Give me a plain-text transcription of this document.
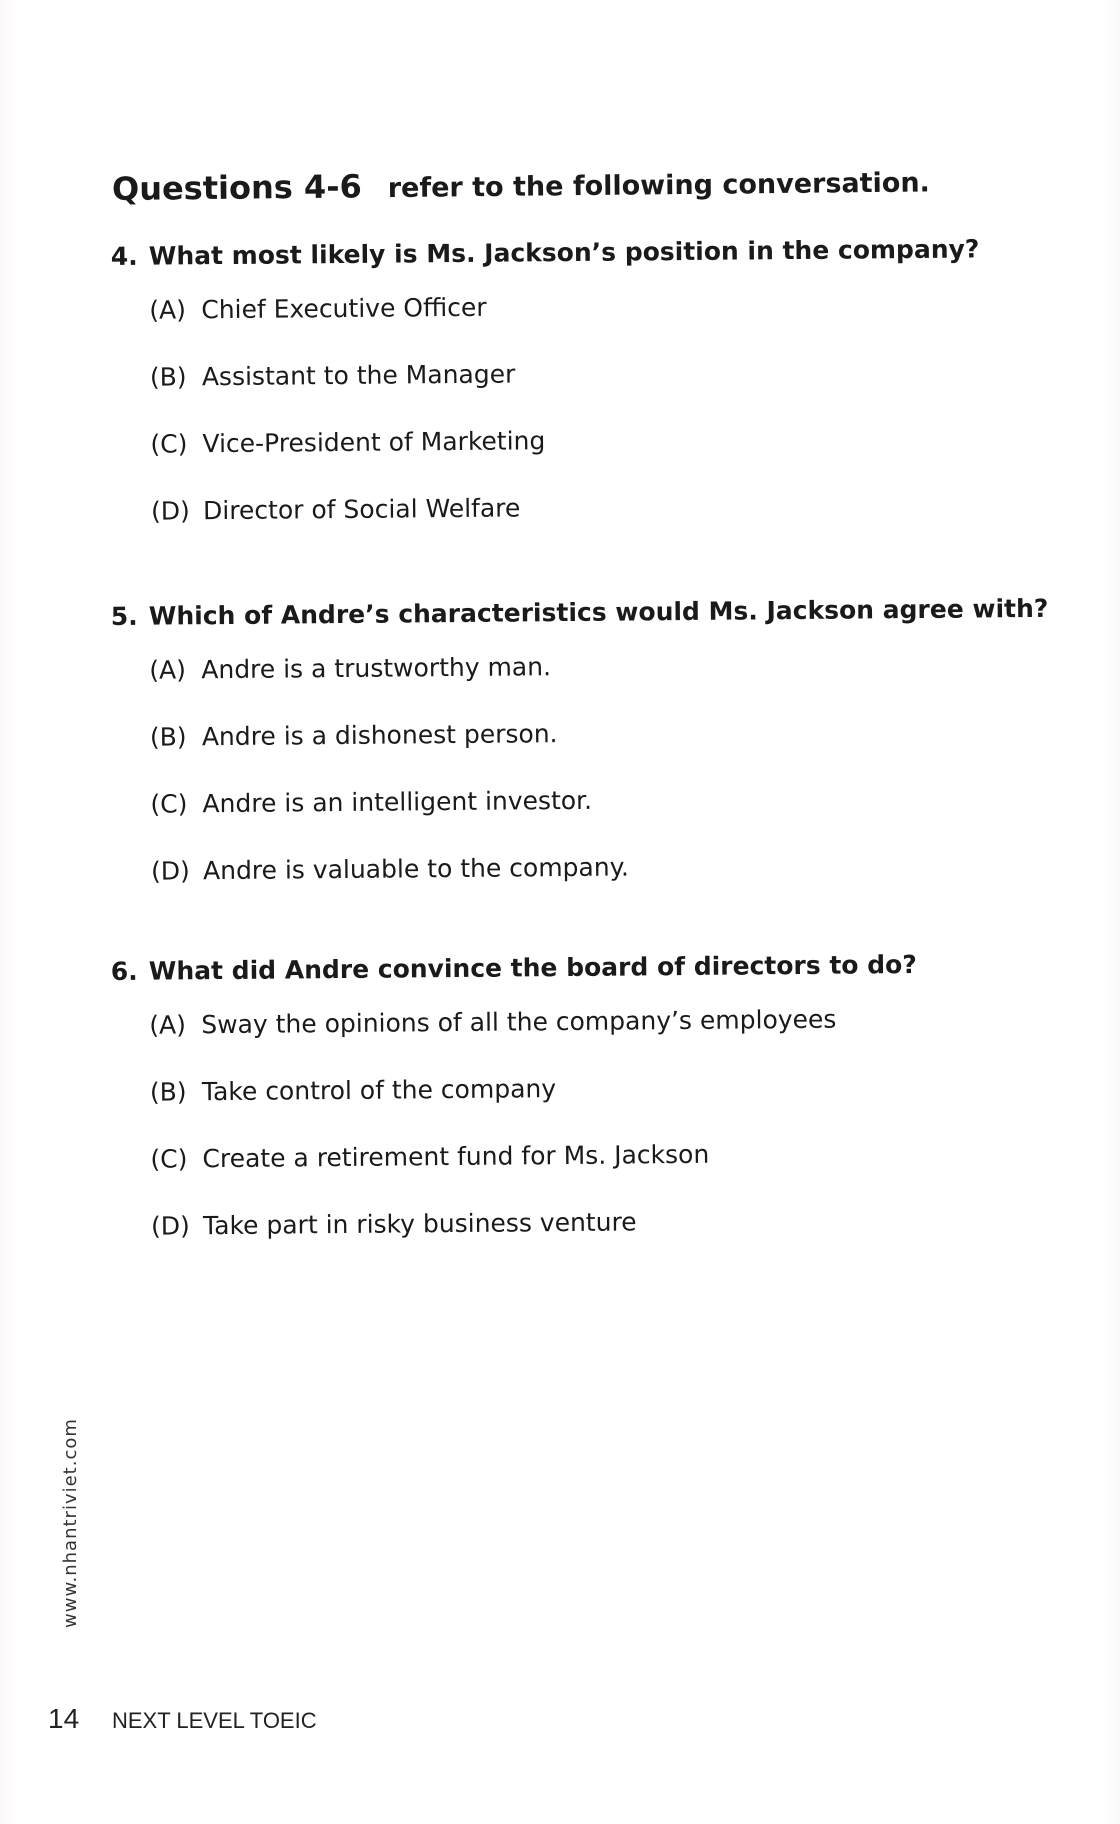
Questions 4-6 refer to the following conversation.
4. What most likely is Ms. Jackson’s position in the company?
(A) Chief Executive Officer
(B) Assistant to the Manager
(C) Vice-President of Marketing
(D) Director of Social Welfare
5. Which of Andre’s characteristics would Ms. Jackson agree with?
(A) Andre is a trustworthy man.
(B) Andre is a dishonest person.
(C) Andre is an intelligent investor.
(D) Andre is valuable to the company.
6. What did Andre convince the board of directors to do?
(A) Sway the opinions of all the company’s employees
(B) Take control of the company
(C) Create a retirement fund for Ms. Jackson
(D) Take part in risky business venture
www.nhantriviet.com
14 NEXT LEVEL TOEIC
